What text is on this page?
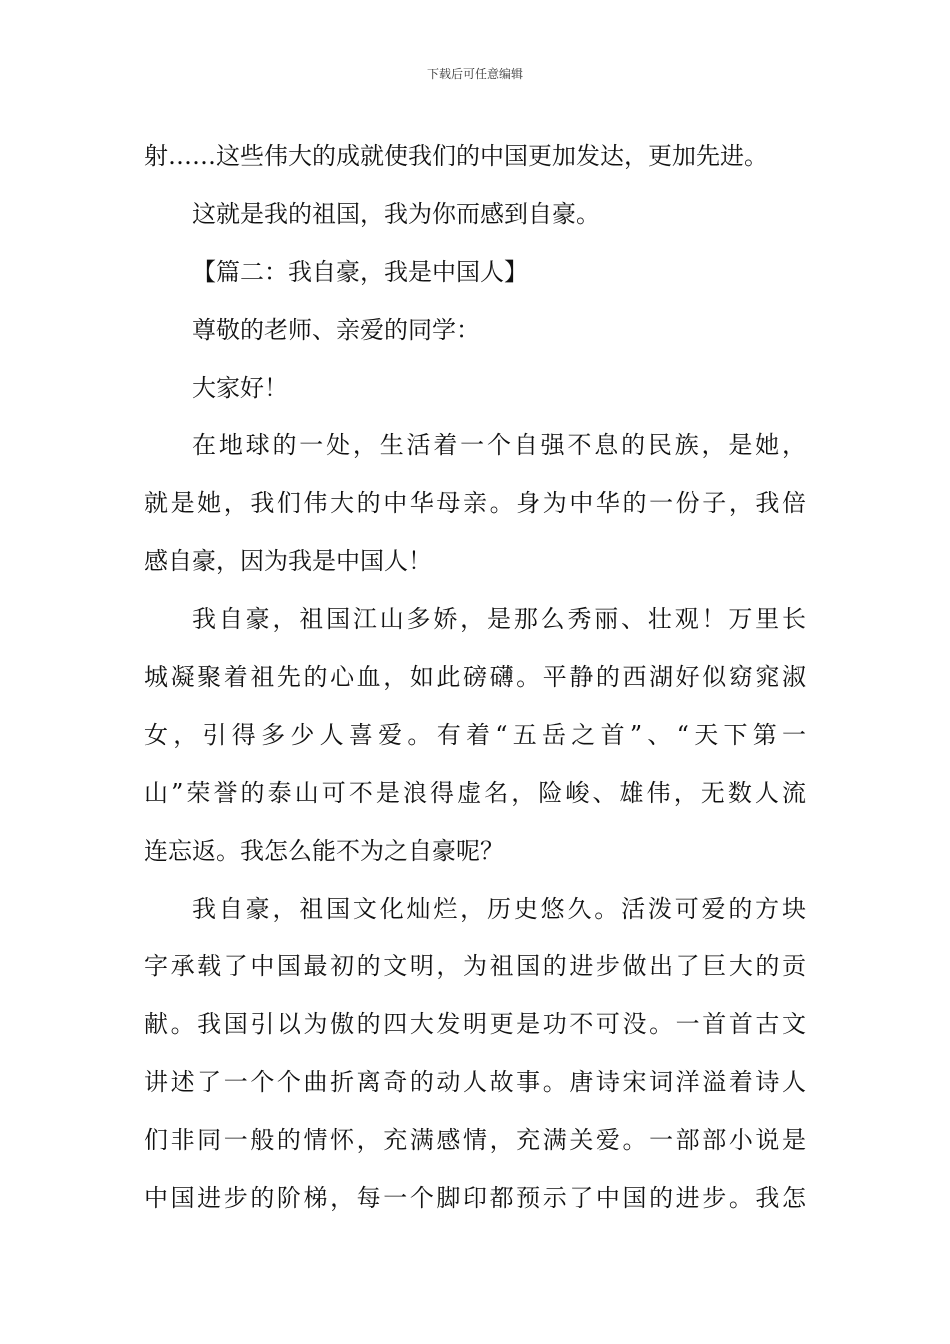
下载后可任意编辑
射……这些伟大的成就使我们的中国更加发达，更加先进。
这就是我的祖国，我为你而感到自豪。
【篇二：我自豪，我是中国人】
尊敬的老师、亲爱的同学：
大家好！
在地球的一处，生活着一个自强不息的民族，是她，
就是她，我们伟大的中华母亲。身为中华的一份子，我倍
感自豪，因为我是中国人！
我自豪，祖国江山多娇，是那么秀丽、壮观！万里长
城凝聚着祖先的心血，如此磅礴。平静的西湖好似窈窕淑
女，引得多少人喜爱。有着“五岳之首”、“天下第一
山”荣誉的泰山可不是浪得虚名，险峻、雄伟，无数人流
连忘返。我怎么能不为之自豪呢？
我自豪，祖国文化灿烂，历史悠久。活泼可爱的方块
字承载了中国最初的文明，为祖国的进步做出了巨大的贡
献。我国引以为傲的四大发明更是功不可没。一首首古文
讲述了一个个曲折离奇的动人故事。唐诗宋词洋溢着诗人
们非同一般的情怀，充满感情，充满关爱。一部部小说是
中国进步的阶梯，每一个脚印都预示了中国的进步。我怎
